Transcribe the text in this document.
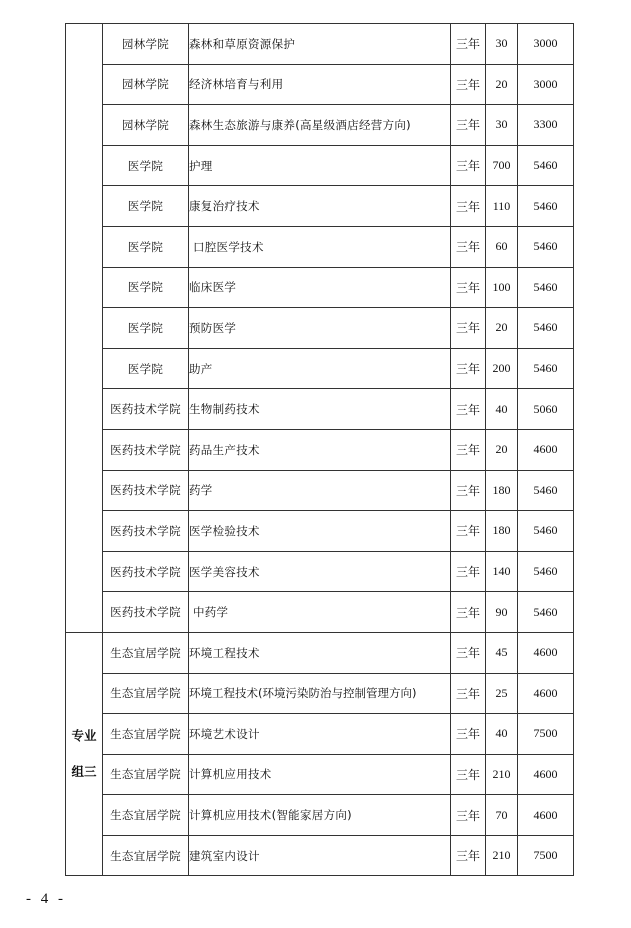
	园林学院	森林和草原资源保护	三年	30	3000
	园林学院	经济林培育与利用	三年	20	3000
	园林学院	森林生态旅游与康养(高星级酒店经营方向)	三年	30	3300
	医学院	护理	三年	700	5460
	医学院	康复治疗技术	三年	110	5460
	医学院	口腔医学技术	三年	60	5460
	医学院	临床医学	三年	100	5460
	医学院	预防医学	三年	20	5460
	医学院	助产	三年	200	5460
	医药技术学院	生物制药技术	三年	40	5060
	医药技术学院	药品生产技术	三年	20	4600
	医药技术学院	药学	三年	180	5460
	医药技术学院	医学检验技术	三年	180	5460
	医药技术学院	医学美容技术	三年	140	5460
	医药技术学院	中药学	三年	90	5460

专业
组三	生态宜居学院	环境工程技术	三年	45	4600
	生态宜居学院	环境工程技术(环境污染防治与控制管理方向)	三年	25	4600
	生态宜居学院	环境艺术设计	三年	40	7500
	生态宜居学院	计算机应用技术	三年	210	4600
	生态宜居学院	计算机应用技术(智能家居方向)	三年	70	4600
	生态宜居学院	建筑室内设计	三年	210	7500
- 4 -
